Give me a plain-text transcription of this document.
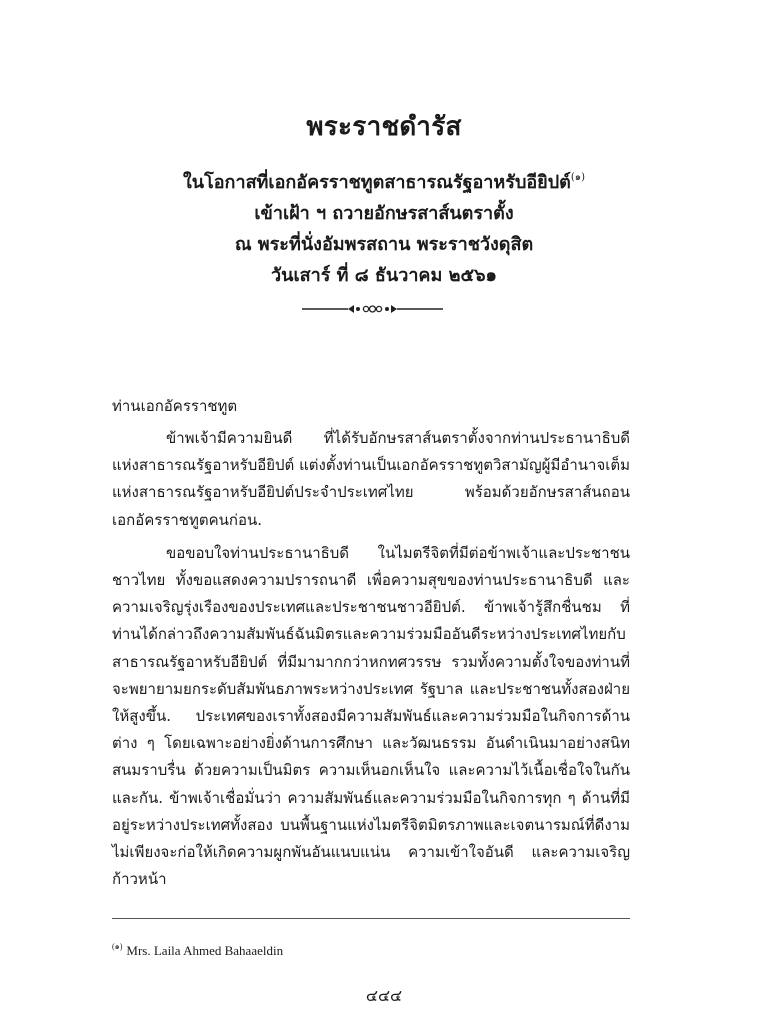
พระราชดำรัส
ในโอกาสที่เอกอัครราชทูตสาธารณรัฐอาหรับอียิปต์$^{(๑)}$
เข้าเฝ้า ฯ ถวายอักษรสาส์นตราตั้ง
ณ พระที่นั่งอัมพรสถาน พระราชวังดุสิต
วันเสาร์ ที่ ๘ ธันวาคม ๒๕๖๑
ท่านเอกอัครราชทูต

ข้าพเจ้ามีความยินดี ที่ได้รับอักษรสาส์นตราตั้งจากท่านประธานาธิบดีแห่งสาธารณรัฐอาหรับอียิปต์ แต่งตั้งท่านเป็นเอกอัครราชทูตวิสามัญผู้มีอำนาจเต็มแห่งสาธารณรัฐอาหรับอียิปต์ประจำประเทศไทย พร้อมด้วยอักษรสาส์นถอนเอกอัครราชทูตคนก่อน.

ขอขอบใจท่านประธานาธิบดี ในไมตรีจิตที่มีต่อข้าพเจ้าและประชาชนชาวไทย ทั้งขอแสดงความปรารถนาดี เพื่อความสุขของท่านประธานาธิบดี และความเจริญรุ่งเรืองของประเทศและประชาชนชาวอียิปต์. ข้าพเจ้ารู้สึกชื่นชม ที่ท่านได้กล่าวถึงความสัมพันธ์ฉันมิตรและความร่วมมืออันดีระหว่างประเทศไทยกับสาธารณรัฐอาหรับอียิปต์ ที่มีมามากกว่าหกทศวรรษ รวมทั้งความตั้งใจของท่านที่จะพยายามยกระดับสัมพันธภาพระหว่างประเทศ รัฐบาล และประชาชนทั้งสองฝ่ายให้สูงขึ้น. ประเทศของเราทั้งสองมีความสัมพันธ์และความร่วมมือในกิจการด้านต่าง ๆ โดยเฉพาะอย่างยิ่งด้านการศึกษา และวัฒนธรรม อันดำเนินมาอย่างสนิทสนมราบรื่น ด้วยความเป็นมิตร ความเห็นอกเห็นใจ และความไว้เนื้อเชื่อใจในกันและกัน. ข้าพเจ้าเชื่อมั่นว่า ความสัมพันธ์และความร่วมมือในกิจการทุก ๆ ด้านที่มีอยู่ระหว่างประเทศทั้งสอง บนพื้นฐานแห่งไมตรีจิตมิตรภาพและเจตนารมณ์ที่ดีงาม ไม่เพียงจะก่อให้เกิดความผูกพันอันแนบแน่น ความเข้าใจอันดี และความเจริญก้าวหน้า

$^{(๑)}$ Mrs. Laila Ahmed Bahaaeldin
๔๔๔
